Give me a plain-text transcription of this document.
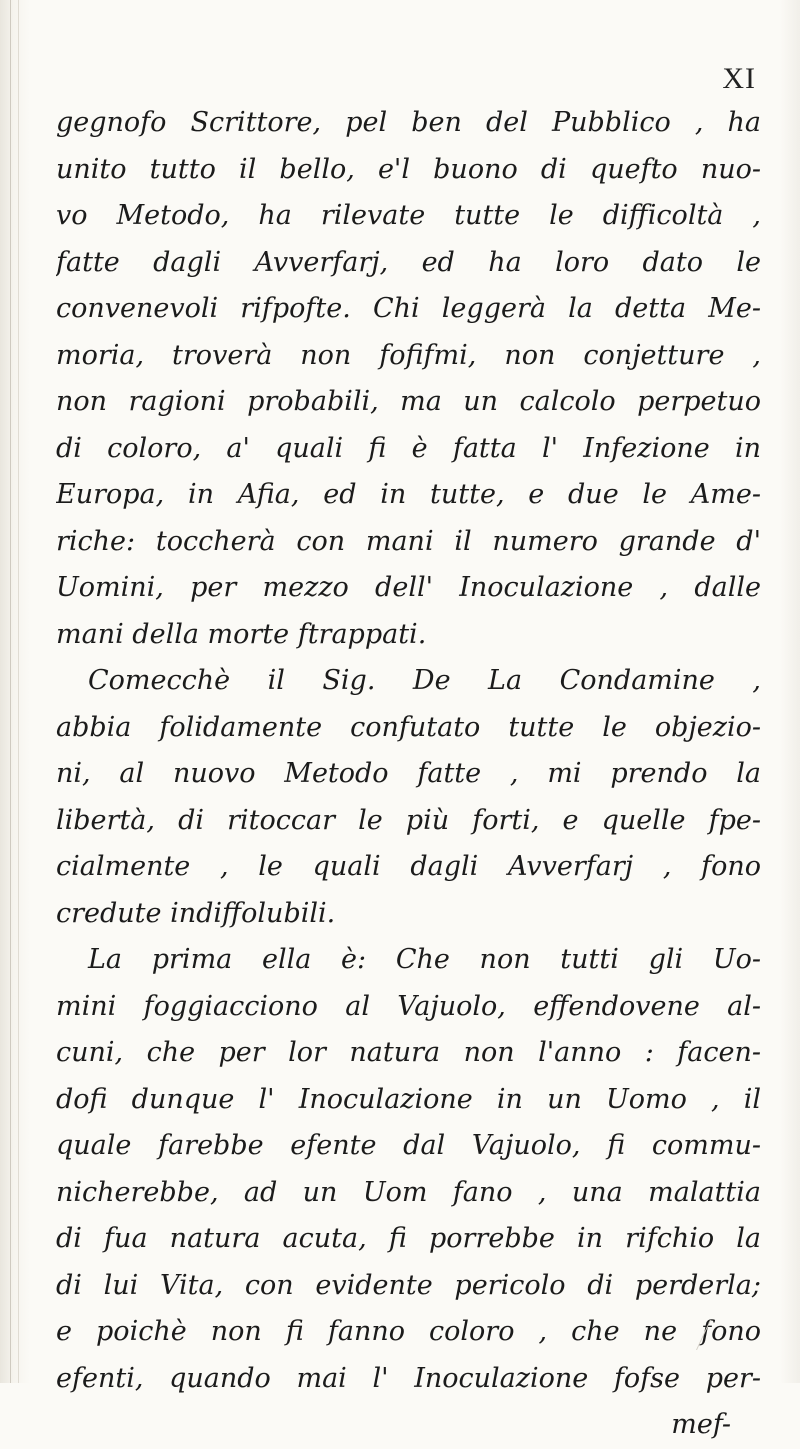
XI
gegnofo Scrittore, pel ben del Pubblico , ha
unito tutto il bello, e'l buono di quefto nuo-
vo Metodo, ha rilevate tutte le difficoltà ,
fatte dagli Avverfarj, ed ha loro dato le
convenevoli rifpofte. Chi leggerà la detta Me-
moria, troverà non fofifmi, non conjetture ,
non ragioni probabili, ma un calcolo perpetuo
di coloro, a' quali fi è fatta l' Infezione in
Europa, in Afia, ed in tutte, e due le Ame-
riche: toccherà con mani il numero grande d'
Uomini, per mezzo dell' Inoculazione , dalle
mani della morte ftrappati.
Comecchè il Sig. De La Condamine ,
abbia folidamente confutato tutte le objezio-
ni, al nuovo Metodo fatte , mi prendo la
libertà, di ritoccar le più forti, e quelle fpe-
cialmente , le quali dagli Avverfarj , fono
credute indiffolubili.
La prima ella è: Che non tutti gli Uo-
mini foggiacciono al Vajuolo, effendovene al-
cuni, che per lor natura non l'anno : facen-
dofi dunque l' Inoculazione in un Uomo , il
quale farebbe efente dal Vajuolo, fi commu-
nicherebbe, ad un Uom fano , una malattia
di fua natura acuta, fi porrebbe in rifchio la
di lui Vita, con evidente pericolo di perderla;
e poichè non fi fanno coloro , che ne fono
efenti, quando mai l' Inoculazione fofse per-
mef-
